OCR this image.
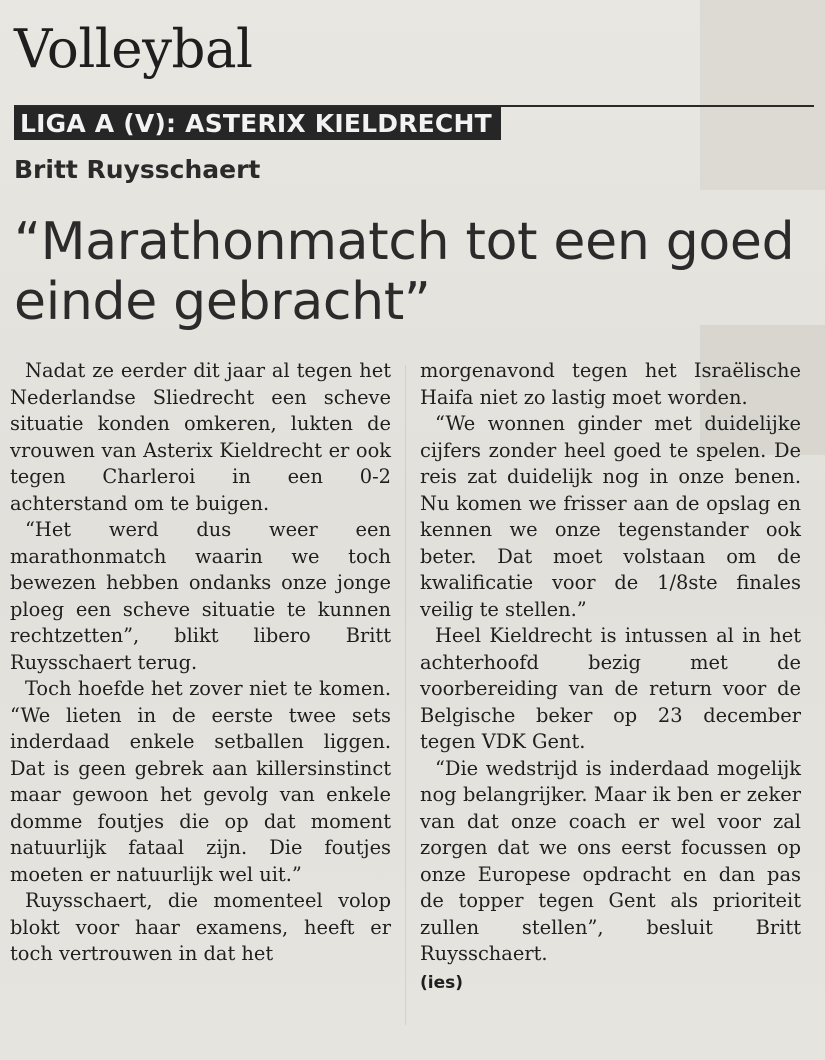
Volleybal
LIGA A (V): ASTERIX KIELDRECHT
Britt Ruysschaert
“Marathonmatch tot een goed einde gebracht”

Nadat ze eerder dit jaar al tegen het Nederlandse Sliedrecht een scheve situatie konden omkeren, lukten de vrouwen van Asterix Kieldrecht er ook tegen Charleroi in een 0-2 achterstand om te buigen.

“Het werd dus weer een marathonmatch waarin we toch bewezen hebben ondanks onze jonge ploeg een scheve situatie te kunnen rechtzetten”, blikt libero Britt Ruysschaert terug.

Toch hoefde het zover niet te komen. “We lieten in de eerste twee sets inderdaad enkele setballen liggen. Dat is geen gebrek aan killersinstinct maar gewoon het gevolg van enkele domme foutjes die op dat moment natuurlijk fataal zijn. Die foutjes moeten er natuurlijk wel uit.”

Ruysschaert, die momenteel volop blokt voor haar examens, heeft er toch vertrouwen in dat het

morgenavond tegen het Israëlische Haifa niet zo lastig moet worden.

“We wonnen ginder met duidelijke cijfers zonder heel goed te spelen. De reis zat duidelijk nog in onze benen. Nu komen we frisser aan de opslag en kennen we onze tegenstander ook beter. Dat moet volstaan om de kwalificatie voor de 1/8ste finales veilig te stellen.”

Heel Kieldrecht is intussen al in het achterhoofd bezig met de voorbereiding van de return voor de Belgische beker op 23 december tegen VDK Gent.

“Die wedstrijd is inderdaad mogelijk nog belangrijker. Maar ik ben er zeker van dat onze coach er wel voor zal zorgen dat we ons eerst focussen op onze Europese opdracht en dan pas de topper tegen Gent als prioriteit zullen stellen”, besluit Britt Ruysschaert.

(ies)
